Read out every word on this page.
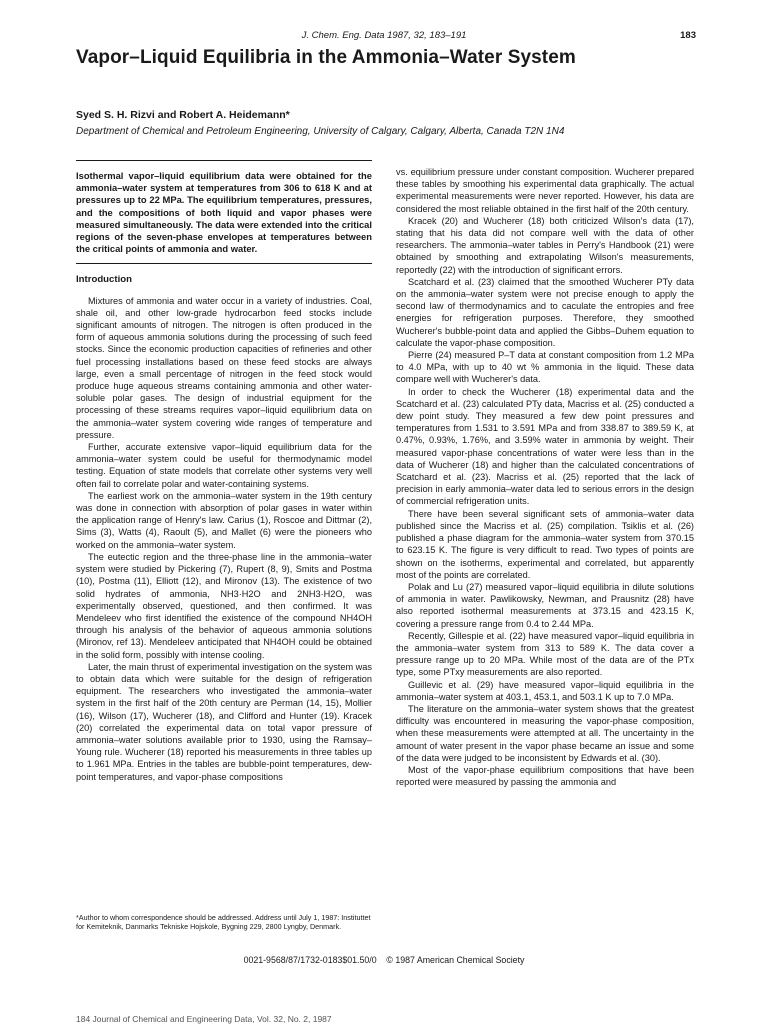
J. Chem. Eng. Data 1987, 32, 183–191	183
Vapor–Liquid Equilibria in the Ammonia–Water System
Syed S. H. Rizvi and Robert A. Heidemann*
Department of Chemical and Petroleum Engineering, University of Calgary, Calgary, Alberta, Canada T2N 1N4
Isothermal vapor–liquid equilibrium data were obtained for the ammonia–water system at temperatures from 306 to 618 K and at pressures up to 22 MPa. The equilibrium temperatures, pressures, and the compositions of both liquid and vapor phases were measured simultaneously. The data were extended into the critical regions of the seven-phase envelopes at temperatures between the critical points of ammonia and water.
Introduction

Mixtures of ammonia and water occur in a variety of industries. Coal, shale oil, and other low-grade hydrocarbon feed stocks include significant amounts of nitrogen. The nitrogen is often produced in the form of aqueous ammonia solutions during the processing of such feed stocks. Since the economic production capacities of refineries and other fuel processing installations based on these feed stocks are always large, even a small percentage of nitrogen in the feed stock would produce huge aqueous streams containing ammonia and other water-soluble polar gases. The design of industrial equipment for the processing of these streams requires vapor–liquid equilibrium data on the ammonia–water system covering wide ranges of temperature and pressure.

Further, accurate extensive vapor–liquid equilibrium data for the ammonia–water system could be useful for thermodynamic model testing. Equation of state models that correlate other systems very well often fail to correlate polar and water-containing systems.

The earliest work on the ammonia–water system in the 19th century was done in connection with absorption of polar gases in water within the application range of Henry's law. Carius (1), Roscoe and Dittmar (2), Sims (3), Watts (4), Raoult (5), and Mallet (6) were the pioneers who worked on the ammonia–water system.

The eutectic region and the three-phase line in the ammonia–water system were studied by Pickering (7), Rupert (8, 9), Smits and Postma (10), Postma (11), Elliott (12), and Mironov (13). The existence of two solid hydrates of ammonia, NH3·H2O and 2NH3·H2O, was experimentally observed, questioned, and then confirmed. It was Mendeleev who first identified the existence of the compound NH4OH through his analysis of the behavior of aqueous ammonia solutions (Mironov, ref 13). Mendeleev anticipated that NH4OH could be obtained in the solid form, possibly with intense cooling.

Later, the main thrust of experimental investigation on the system was to obtain data which were suitable for the design of refrigeration equipment. The researchers who investigated the ammonia–water system in the first half of the 20th century are Perman (14, 15), Mollier (16), Wilson (17), Wucherer (18), and Clifford and Hunter (19). Kracek (20) correlated the experimental data on total vapor pressure of ammonia–water solutions available prior to 1930, using the Ramsay–Young rule. Wucherer (18) reported his measurements in three tables up to 1.961 MPa. Entries in the tables are bubble-point temperatures, dew-point temperatures, and vapor-phase compositions

*Author to whom correspondence should be addressed. Address until July 1, 1987: Instituttet for Kemiteknik, Danmarks Tekniske Hojskole, Bygning 229, 2800 Lyngby, Denmark.

vs. equilibrium pressure under constant composition. Wucherer prepared these tables by smoothing his experimental data graphically. The actual experimental measurements were never reported. However, his data are considered the most reliable obtained in the first half of the 20th century.

Kracek (20) and Wucherer (18) both criticized Wilson's data (17), stating that his data did not compare well with the data of other researchers. The ammonia–water tables in Perry's Handbook (21) were obtained by smoothing and extrapolating Wilson's measurements, reportedly (22) with the introduction of significant errors.

Scatchard et al. (23) claimed that the smoothed Wucherer PTy data on the ammonia–water system were not precise enough to apply the second law of thermodynamics and to caculate the entropies and free energies for refrigeration purposes. Therefore, they smoothed Wucherer's bubble-point data and applied the Gibbs–Duhem equation to calculate the vapor-phase composition.

Pierre (24) measured P–T data at constant composition from 1.2 MPa to 4.0 MPa, with up to 40 wt % ammonia in the liquid. These data compare well with Wucherer's data.

In order to check the Wucherer (18) experimental data and the Scatchard et al. (23) calculated PTy data, Macriss et al. (25) conducted a dew point study. They measured a few dew point pressures and temperatures from 1.531 to 3.591 MPa and from 338.87 to 389.59 K, at 0.47%, 0.93%, 1.76%, and 3.59% water in ammonia by weight. Their measured vapor-phase concentrations of water were less than in the data of Wucherer (18) and higher than the calculated concentrations of Scatchard et al. (23). Macriss et al. (25) reported that the lack of precision in early ammonia–water data led to serious errors in the design of commercial refrigeration units.

There have been several significant sets of ammonia–water data published since the Macriss et al. (25) compilation. Tsiklis et al. (26) published a phase diagram for the ammonia–water system from 370.15 to 623.15 K. The figure is very difficult to read. Two types of points are shown on the isotherms, experimental and correlated, but apparently most of the points are correlated.

Polak and Lu (27) measured vapor–liquid equilibria in dilute solutions of ammonia in water. Pawlikowsky, Newman, and Prausnitz (28) have also reported isothermal measurements at 373.15 and 423.15 K, covering a pressure range from 0.4 to 2.44 MPa.

Recently, Gillespie et al. (22) have measured vapor–liquid equilibria in the ammonia–water system from 313 to 589 K. The data cover a pressure range up to 20 MPa. While most of the data are of the PTx type, some PTxy measurements are also reported.

Guillevic et al. (29) have measured vapor–liquid equilibria in the ammonia–water system at 403.1, 453.1, and 503.1 K up to 7.0 MPa.

The literature on the ammonia–water system shows that the greatest difficulty was encountered in measuring the vapor-phase composition, when these measurements were attempted at all. The uncertainty in the amount of water present in the vapor phase became an issue and some of the data were judged to be inconsistent by Edwards et al. (30).

Most of the vapor-phase equilibrium compositions that have been reported were measured by passing the ammonia and

0021-9568/87/1732-0183$01.50/0 © 1987 American Chemical Society
184 Journal of Chemical and Engineering Data, Vol. 32, No. 2, 1987
